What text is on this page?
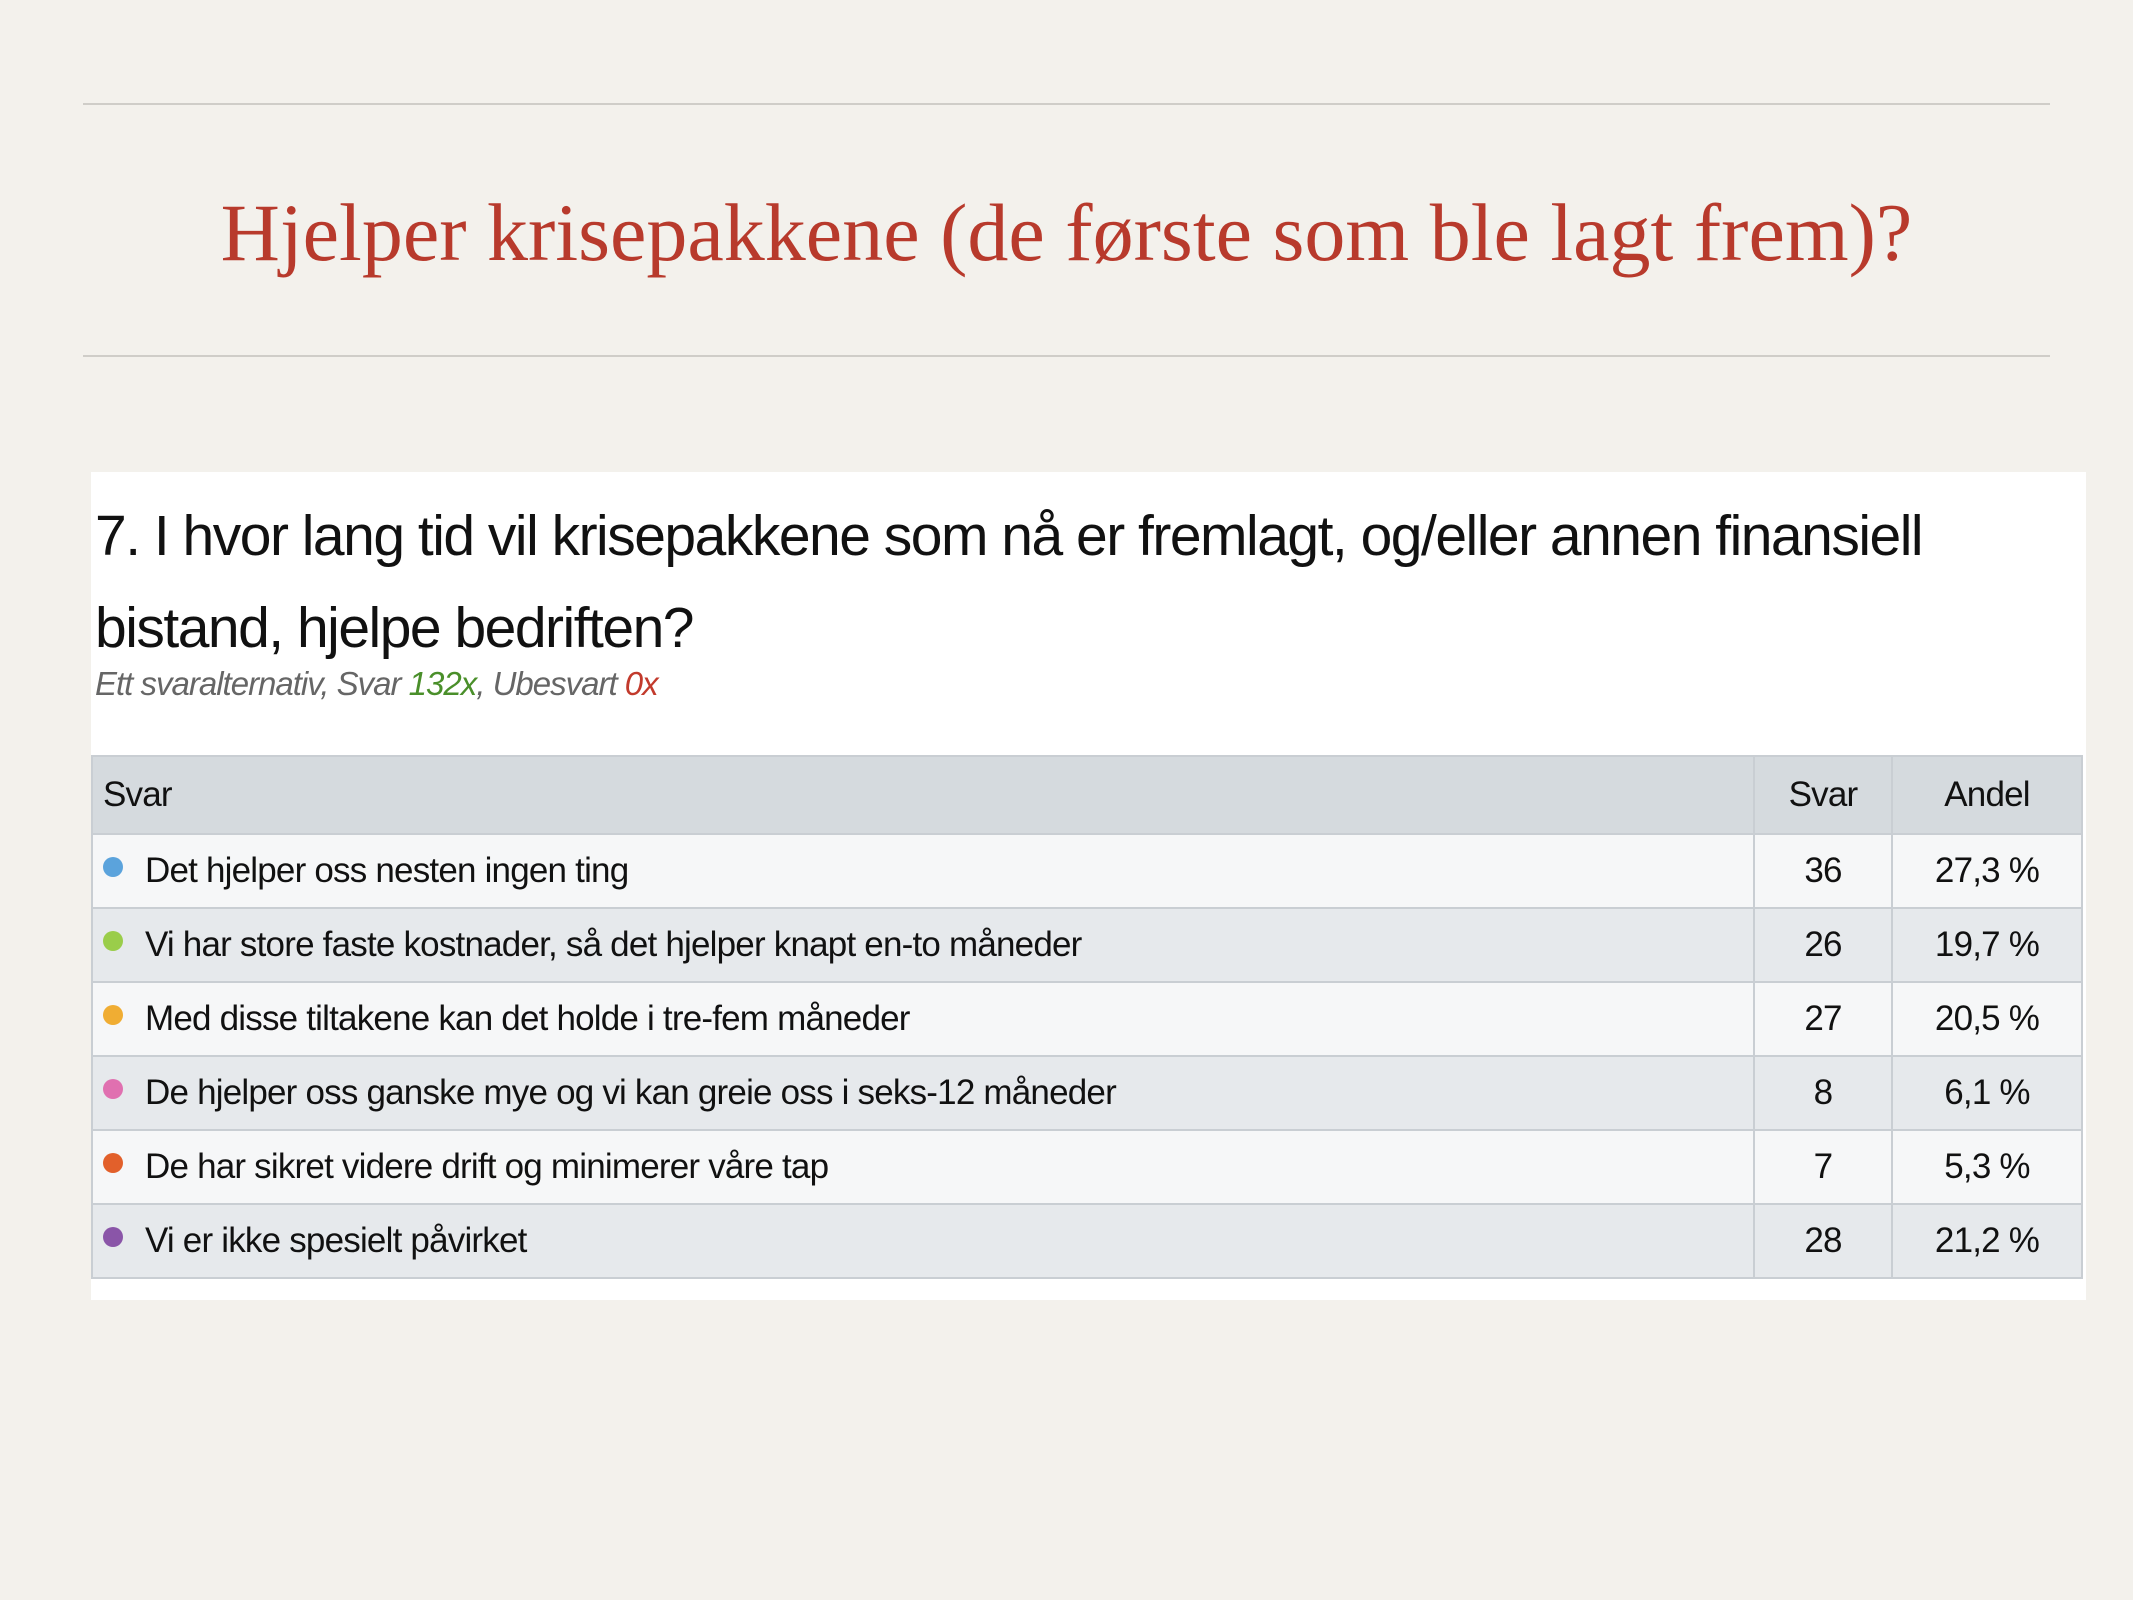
Hjelper krisepakkene (de første som ble lagt frem)?
7. I hvor lang tid vil krisepakkene som nå er fremlagt, og/eller annen finansiell bistand, hjelpe bedriften?
Ett svaralternativ, Svar 132x, Ubesvart 0x
Svar	Svar	Andel
Det hjelper oss nesten ingen ting	36	27,3 %
Vi har store faste kostnader, så det hjelper knapt en-to måneder	26	19,7 %
Med disse tiltakene kan det holde i tre-fem måneder	27	20,5 %
De hjelper oss ganske mye og vi kan greie oss i seks-12 måneder	8	6,1 %
De har sikret videre drift og minimerer våre tap	7	5,3 %
Vi er ikke spesielt påvirket	28	21,2 %
